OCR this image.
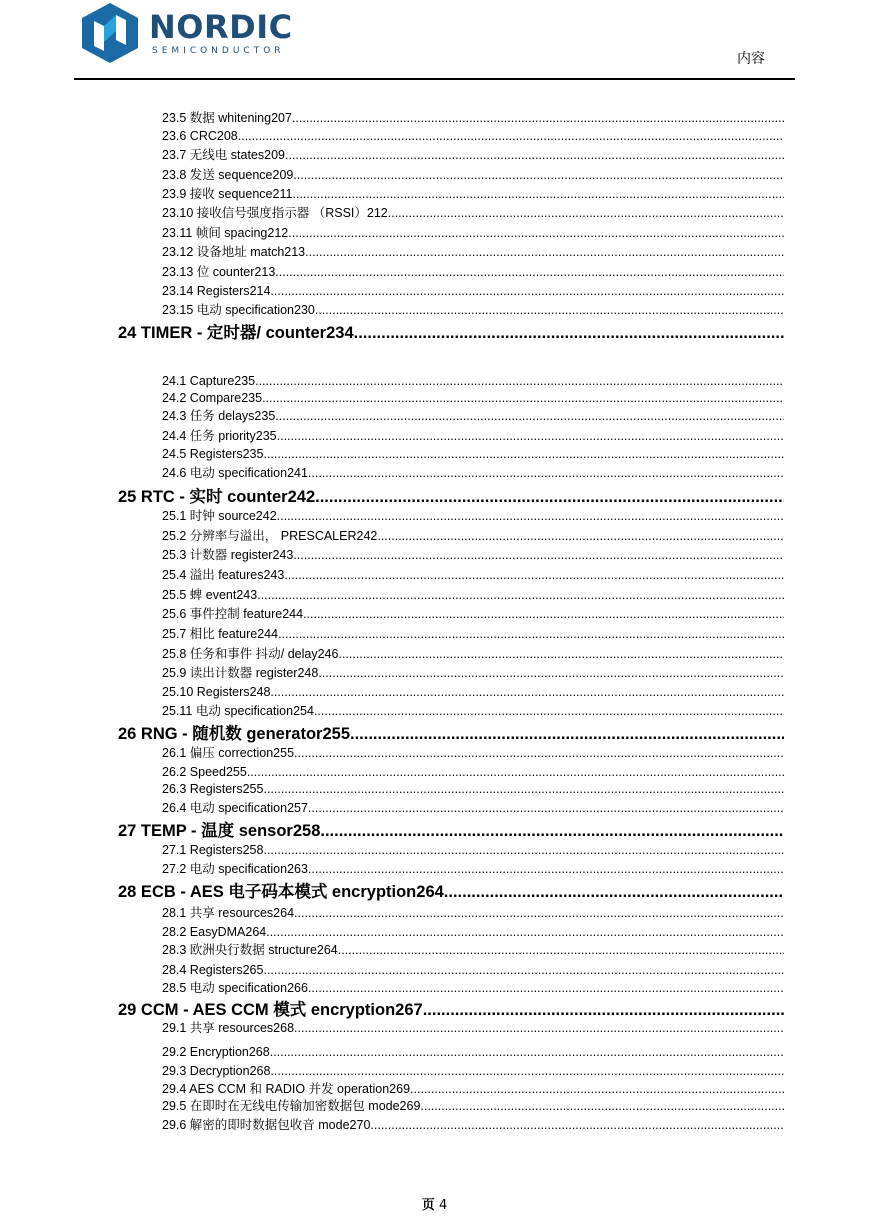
NORDIC
SEMICONDUCTOR	内容
23.5 数据 whitening 207
.....
23.6 CRC 208
.....
23.7 无线电 states 209
.....
23.8 发送 sequence 209
.....
23.9 接收 sequence 211
.....
23.10 接收信号强度指示器 （RSSI） 212
.....
23.11 帧间 spacing 212
.....
23.12 设备地址 match 213
.....
23.13 位 counter 213
.....
23.14 Registers 214
.....
23.15 电动 specification 230
.....
24 TIMER - 定时器/ counter 234
.....
24.1 Capture 235
.....
24.2 Compare 235
.....
24.3 任务 delays 235
.....
24.4 任务 priority 235
.....
24.5 Registers 235
.....
24.6 电动 specification 241
.....
25 RTC - 实时 counter 242
.....
25.1 时钟 source 242
.....
25.2 分辨率与溢出， PRESCALER 242
.....
25.3 计数器 register 243
.....
25.4 溢出 features 243
.....
25.5 蜱 event 243
.....
25.6 事件控制 feature 244
.....
25.7 相比 feature 244
.....
25.8 任务和事件 抖动/ delay 246
.....
25.9 读出计数器 register 248
.....
25.10 Registers 248
.....
25.11 电动 specification 254
.....
26 RNG - 随机数 generator 255
.....
26.1 偏压 correction 255
.....
26.2 Speed 255
.....
26.3 Registers 255
.....
26.4 电动 specification 257
.....
27 TEMP - 温度 sensor 258
.....
27.1 Registers 258
.....
27.2 电动 specification 263
.....
28 ECB - AES 电子码本模式 encryption 264
.....
28.1 共享 resources 264
.....
28.2 EasyDMA 264
.....
28.3 欧洲央行数据 structure 264
.....
28.4 Registers 265
.....
28.5 电动 specification 266
.....
29 CCM - AES CCM 模式 encryption 267
.....
29.1 共享 resources 268
.....
29.2 Encryption 268
.....
29.3 Decryption 268
.....
29.4 AES CCM 和 RADIO 并发 operation 269
.....
29.5 在即时在无线电传输加密数据包 mode 269
.....
29.6 解密的即时数据包收音 mode 270
.....
页 4
